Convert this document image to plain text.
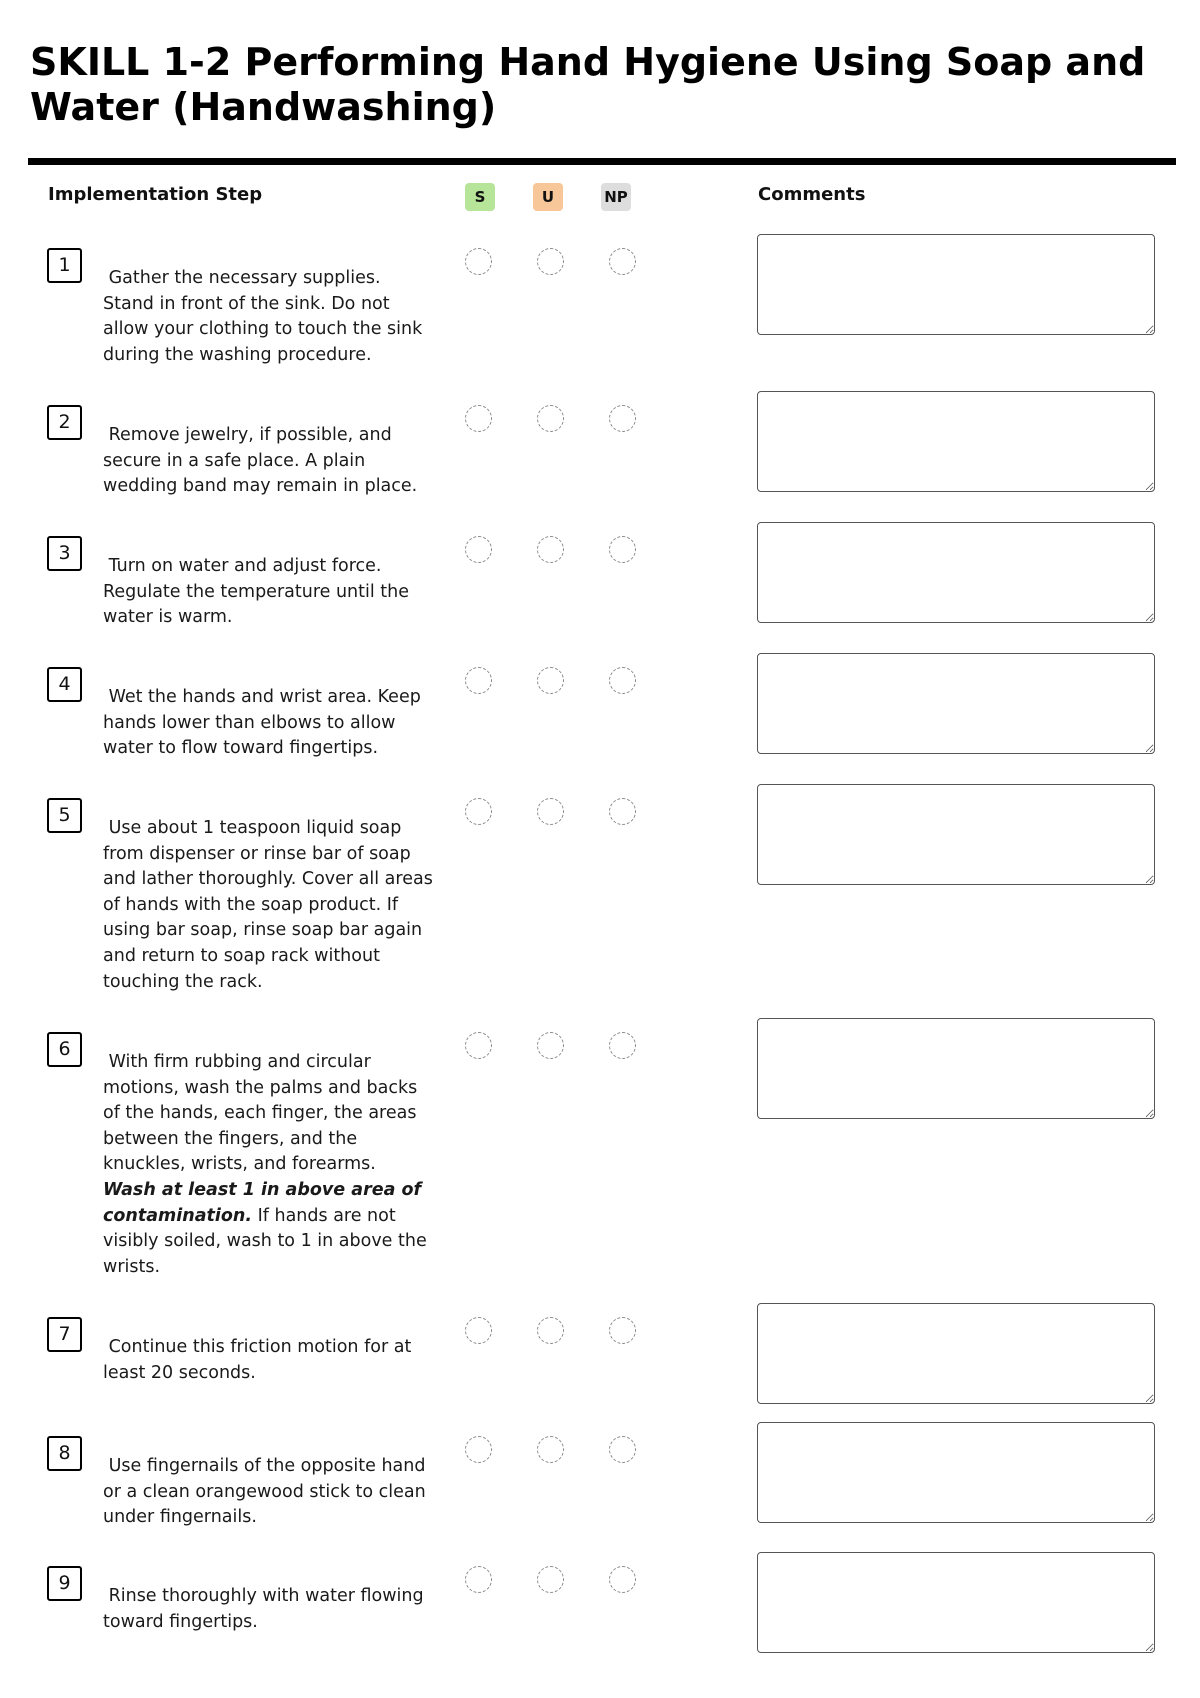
SKILL 1-2 Performing Hand Hygiene Using Soap and Water (Handwashing)
Implementation Step	S	U	NP	Comments
1
Gather the necessary supplies. Stand in front of the sink. Do not allow your clothing to touch the sink during the washing procedure.
2
Remove jewelry, if possible, and secure in a safe place. A plain wedding band may remain in place.
3
Turn on water and adjust force. Regulate the temperature until the water is warm.
4
Wet the hands and wrist area. Keep hands lower than elbows to allow water to flow toward fingertips.
5
Use about 1 teaspoon liquid soap from dispenser or rinse bar of soap and lather thoroughly. Cover all areas of hands with the soap product. If using bar soap, rinse soap bar again and return to soap rack without touching the rack.
6
With firm rubbing and circular motions, wash the palms and backs of the hands, each finger, the areas between the fingers, and the knuckles, wrists, and forearms. Wash at least 1 in above area of contamination. If hands are not visibly soiled, wash to 1 in above the wrists.
7
Continue this friction motion for at least 20 seconds.
8
Use fingernails of the opposite hand or a clean orangewood stick to clean under fingernails.
9
Rinse thoroughly with water flowing toward fingertips.
